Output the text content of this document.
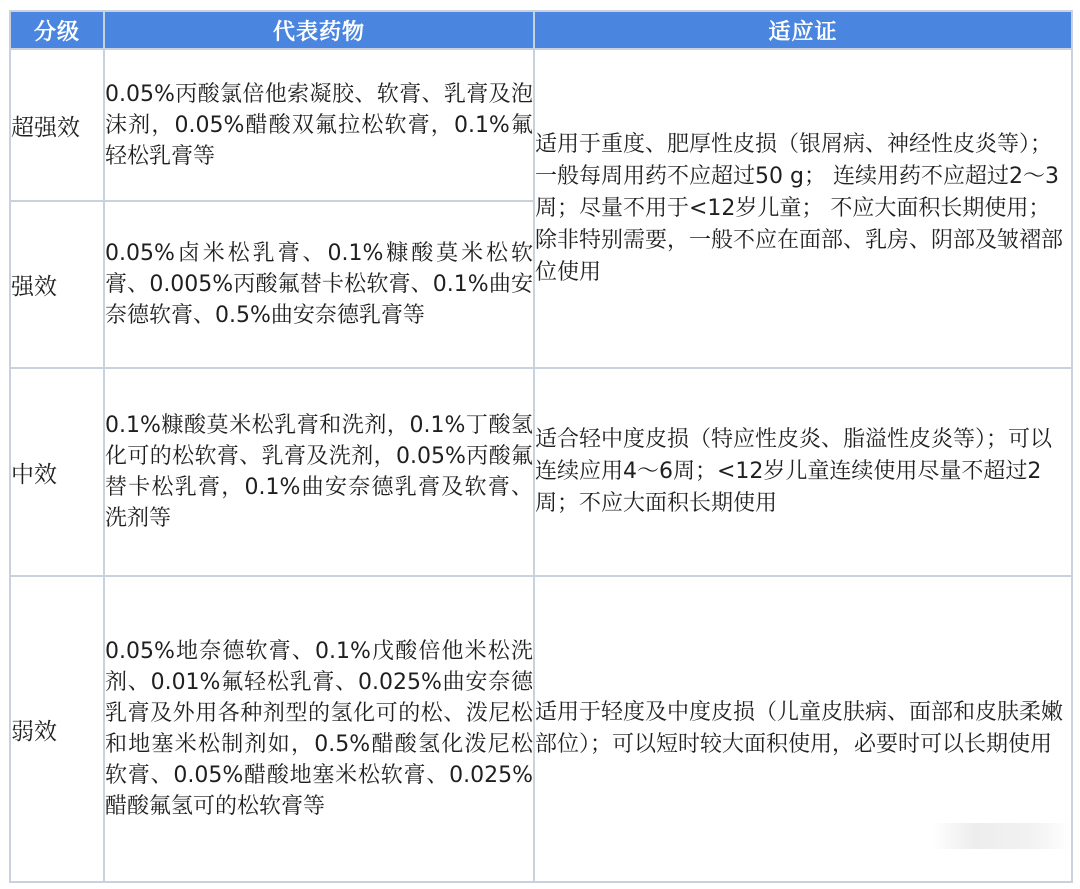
分级	代表药物	适应证
超强效	0.05%丙酸氯倍他索凝胶、软膏、乳膏及泡沫剂，0.05%醋酸双氟拉松软膏，0.1%氟轻松乳膏等	适用于重度、肥厚性皮损（银屑病、神经性皮炎等）；一般每周用药不应超过50 g； 连续用药不应超过2～3周；尽量不用于<12岁儿童； 不应大面积长期使用；除非特别需要，一般不应在面部、乳房、阴部及皱褶部位使用
强效	0.05%卤米松乳膏、0.1%糠酸莫米松软膏、0.005%丙酸氟替卡松软膏、0.1%曲安奈德软膏、0.5%曲安奈德乳膏等	
中效	0.1%糠酸莫米松乳膏和洗剂，0.1%丁酸氢化可的松软膏、乳膏及洗剂，0.05%丙酸氟替卡松乳膏，0.1%曲安奈德乳膏及软膏、洗剂等	适合轻中度皮损（特应性皮炎、脂溢性皮炎等）；可以连续应用4～6周；<12岁儿童连续使用尽量不超过2周；不应大面积长期使用
弱效	0.05%地奈德软膏、0.1%戊酸倍他米松洗剂、0.01%氟轻松乳膏、0.025%曲安奈德乳膏及外用各种剂型的氢化可的松、泼尼松和地塞米松制剂如，0.5%醋酸氢化泼尼松软膏、0.05%醋酸地塞米松软膏、0.025%醋酸氟氢可的松软膏等	适用于轻度及中度皮损（儿童皮肤病、面部和皮肤柔嫩部位）；可以短时较大面积使用，必要时可以长期使用
